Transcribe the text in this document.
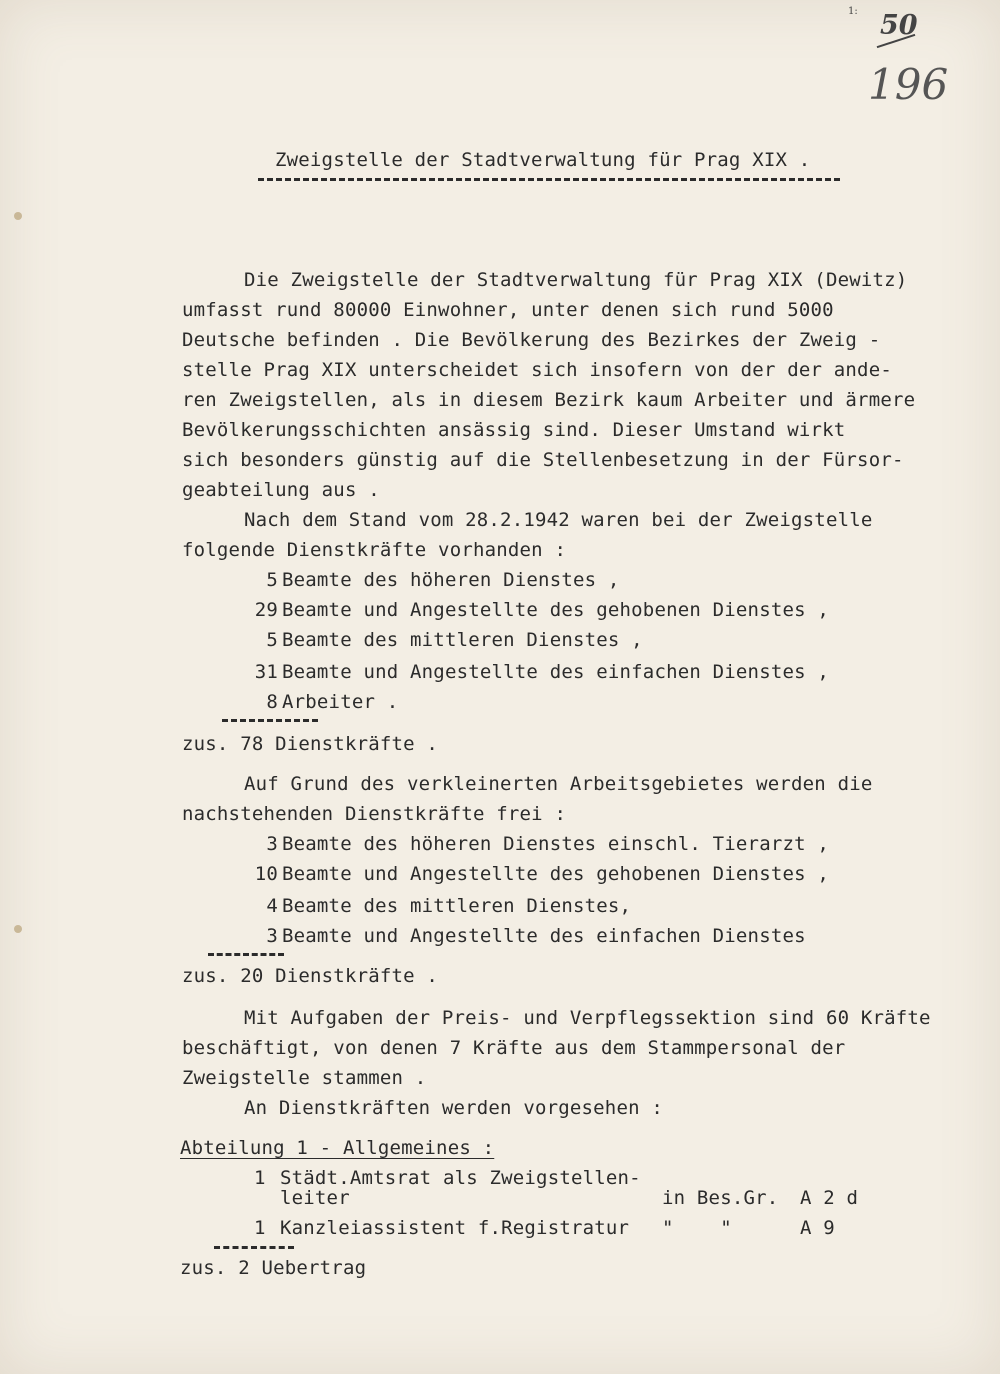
1: 50
196
Zweigstelle der Stadtverwaltung für Prag XIX .
Die Zweigstelle der Stadtverwaltung für Prag XIX (Dewitz)
umfasst rund 80000 Einwohner, unter denen sich rund 5000
Deutsche befinden . Die Bevölkerung des Bezirkes der Zweig -
stelle Prag XIX unterscheidet sich insofern von der der ande-
ren Zweigstellen, als in diesem Bezirk kaum Arbeiter und ärmere
Bevölkerungsschichten ansässig sind. Dieser Umstand wirkt
sich besonders günstig auf die Stellenbesetzung in der Fürsor-
geabteilung aus .
Nach dem Stand vom 28.2.1942 waren bei der Zweigstelle
folgende Dienstkräfte vorhanden :
5 Beamte des höheren Dienstes ,
29 Beamte und Angestellte des gehobenen Dienstes ,
5 Beamte des mittleren Dienstes ,
31 Beamte und Angestellte des einfachen Dienstes ,
8 Arbeiter .
zus. 78 Dienstkräfte .
Auf Grund des verkleinerten Arbeitsgebietes werden die
nachstehenden Dienstkräfte frei :
3 Beamte des höheren Dienstes einschl. Tierarzt ,
10 Beamte und Angestellte des gehobenen Dienstes ,
4 Beamte des mittleren Dienstes,
3 Beamte und Angestellte des einfachen Dienstes
zus. 20 Dienstkräfte .
Mit Aufgaben der Preis- und Verpflegssektion sind 60 Kräfte
beschäftigt, von denen 7 Kräfte aus dem Stammpersonal der
Zweigstelle stammen .
An Dienstkräften werden vorgesehen :
Abteilung 1 - Allgemeines :
1 Städt.Amtsrat als Zweigstellen-
leiter	in Bes.Gr. A 2 d
1 Kanzleiassistent f.Registratur "    "	A 9
zus. 2 Uebertrag
